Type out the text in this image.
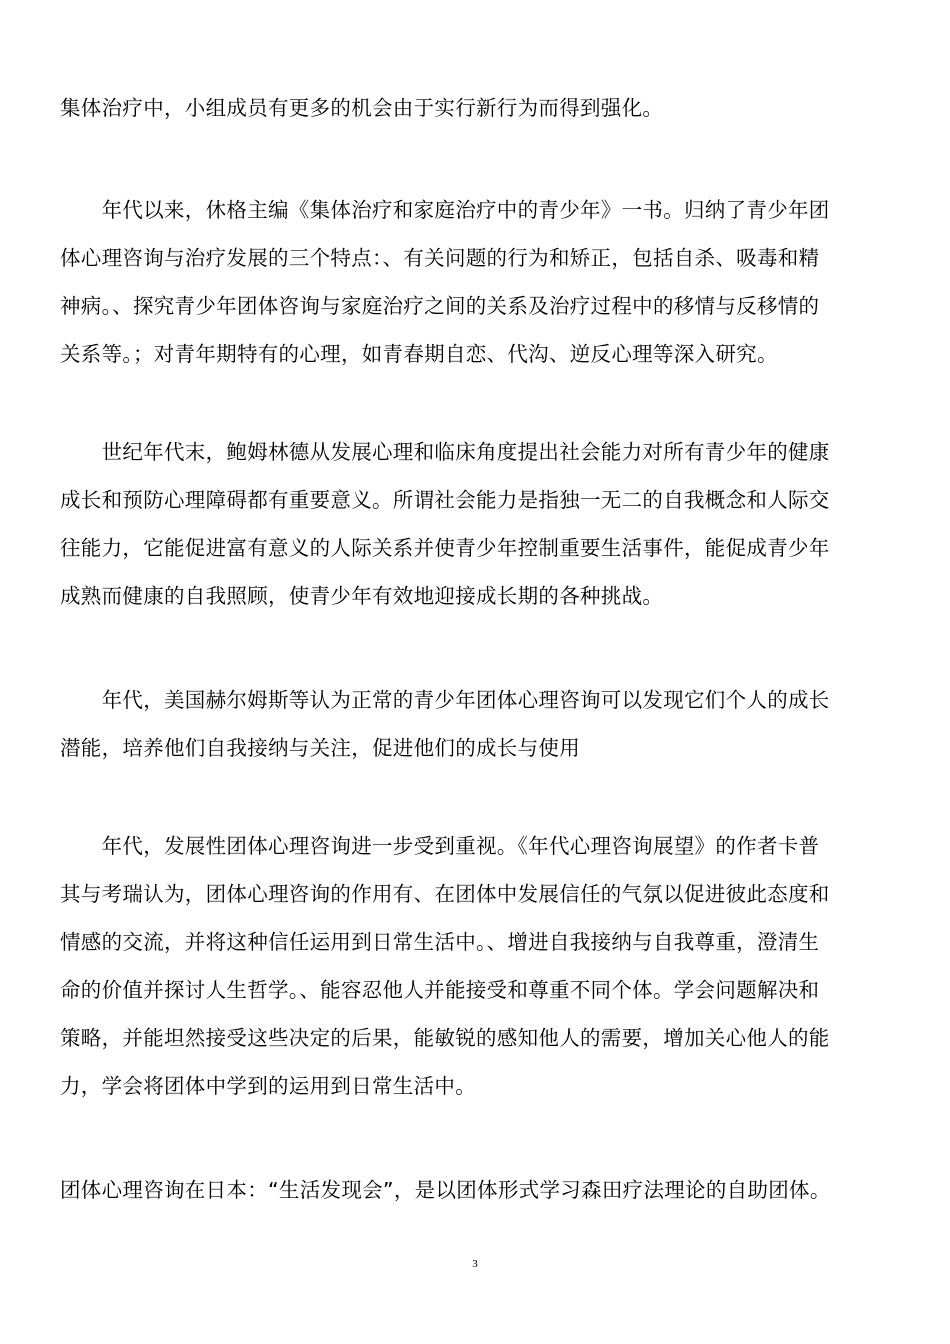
集体治疗中，小组成员有更多的机会由于实行新行为而得到强化。

　　年代以来，休格主编《集体治疗和家庭治疗中的青少年》一书。归纳了青少年团
体心理咨询与治疗发展的三个特点：、有关问题的行为和矫正，包括自杀、吸毒和精
神病。、探究青少年团体咨询与家庭治疗之间的关系及治疗过程中的移情与反移情的
关系等。；对青年期特有的心理，如青春期自恋、代沟、逆反心理等深入研究。

　　世纪年代末，鲍姆林德从发展心理和临床角度提出社会能力对所有青少年的健康
成长和预防心理障碍都有重要意义。所谓社会能力是指独一无二的自我概念和人际交
往能力，它能促进富有意义的人际关系并使青少年控制重要生活事件，能促成青少年
成熟而健康的自我照顾，使青少年有效地迎接成长期的各种挑战。

　　年代，美国赫尔姆斯等认为正常的青少年团体心理咨询可以发现它们个人的成长
潜能，培养他们自我接纳与关注，促进他们的成长与使用

　　年代，发展性团体心理咨询进一步受到重视。《年代心理咨询展望》的作者卡普
其与考瑞认为，团体心理咨询的作用有、在团体中发展信任的气氛以促进彼此态度和
情感的交流，并将这种信任运用到日常生活中。、增进自我接纳与自我尊重，澄清生
命的价值并探讨人生哲学。、能容忍他人并能接受和尊重不同个体。学会问题解决和
策略，并能坦然接受这些决定的后果，能敏锐的感知他人的需要，增加关心他人的能
力，学会将团体中学到的运用到日常生活中。

团体心理咨询在日本：“生活发现会”，是以团体形式学习森田疗法理论的自助团体。

3
